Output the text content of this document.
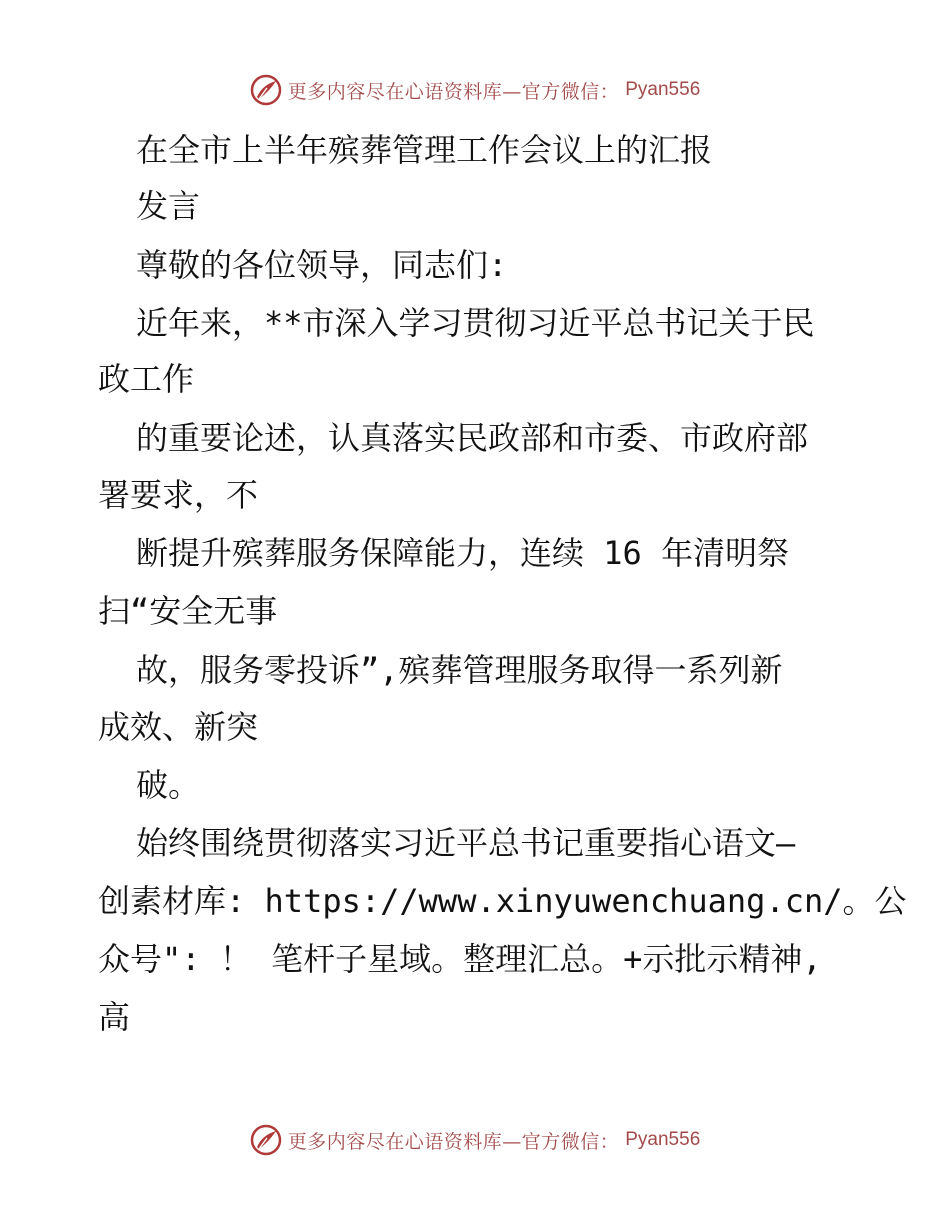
更多内容尽在心语资料库—官方微信： Pyan556
在全市上半年殡葬管理工作会议上的汇报
发言
尊敬的各位领导，同志们:
近年来，**市深入学习贯彻习近平总书记关于民
政工作
的重要论述，认真落实民政部和市委、市政府部
署要求，不
断提升殡葬服务保障能力，连续 16 年清明祭
扫“安全无事
故，服务零投诉”,殡葬管理服务取得一系列新
成效、新突
破。
始终围绕贯彻落实习近平总书记重要指心语文—
创素材库: https://www.xinyuwenchuang.cn/。公
众号": ！ 笔杆子星域。整理汇总。+示批示精神,
高
更多内容尽在心语资料库—官方微信： Pyan556
